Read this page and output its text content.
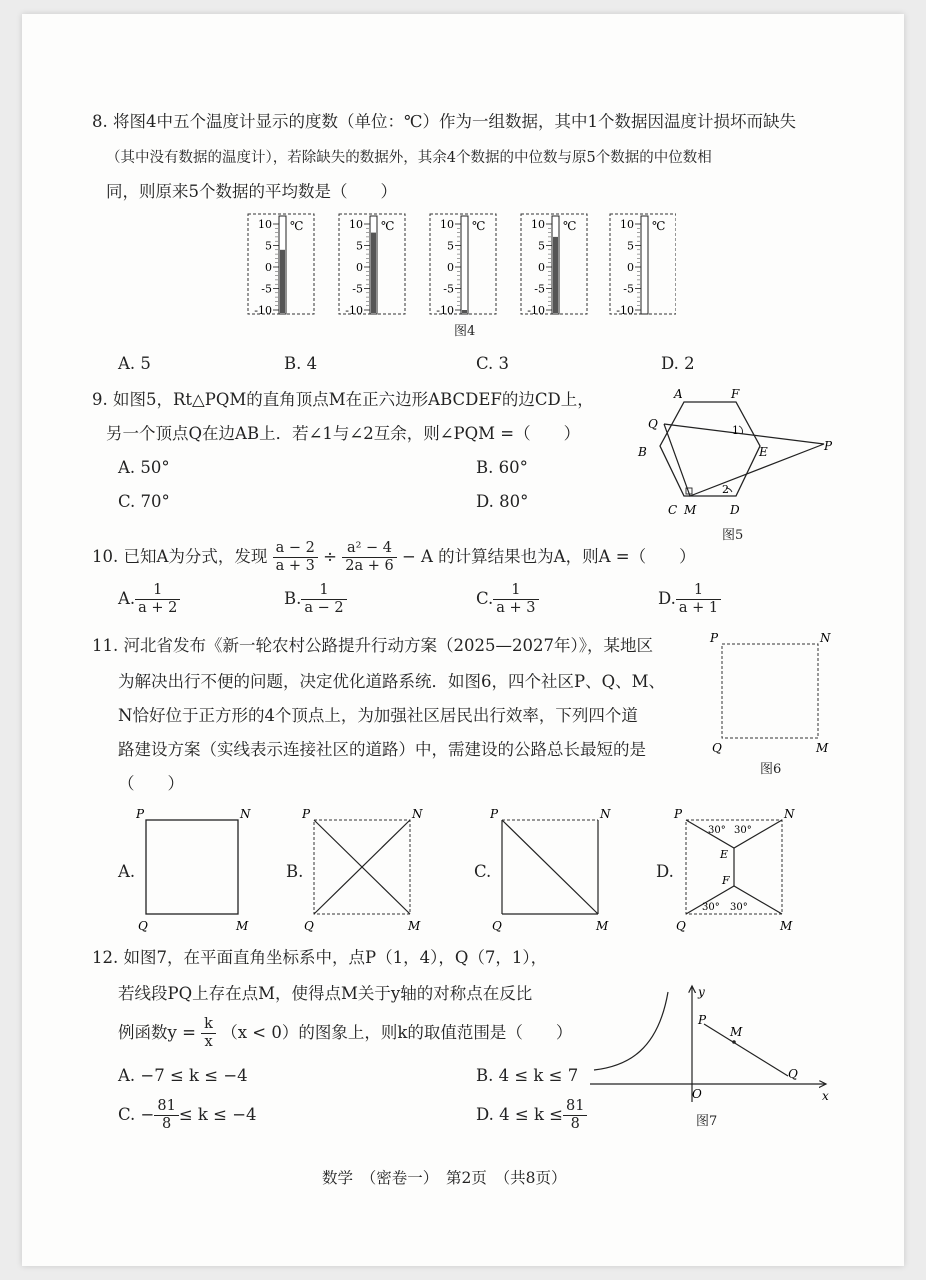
8. 将图4中五个温度计显示的度数（单位：℃）作为一组数据，其中1个数据因温度计损坏而缺失
（其中没有数据的温度计），若除缺失的数据外，其余4个数据的中位数与原5个数据的中位数相
同，则原来5个数据的平均数是（　　）
10
5
0
-5
-10
℃	10
5
0
-5
-10
℃	10
5
0
-5
-10
℃	10
5
0
-5
-10
℃	10
5
0
-5
-10
℃
图4
A. 5	B. 4	C. 3	D. 2
9. 如图5，Rt△PQM的直角顶点M在正六边形ABCDEF的边CD上，
另一个顶点Q在边AB上．若∠1与∠2互余，则∠PQM =（　　）
A. 50°	B. 60°
C. 70°	D. 80°
A	F
Q
P
B	E
C M	D
1
2
图5
10. 已知A为分式，发现 $\frac{a - 2}{a + 3} \div \frac{\text{a² − 4}}{2a + 6} - A$ 的计算结果也为A，则A =（　　）
A. $\frac{1}{a + 2}$	B. $\frac{1}{a - 2}$	C. $\frac{1}{a + 3}$	D. $\frac{1}{a + 1}$
11. 河北省发布《新一轮农村公路提升行动方案（2025—2027年）》，某地区
为解决出行不便的问题，决定优化道路系统．如图6，四个社区P、Q、M、
N恰好位于正方形的4个顶点上，为加强社区居民出行效率，下列四个道
路建设方案（实线表示连接社区的道路）中，需建设的公路总长最短的是
（　　）
P	N
Q	M
图6
A.
P	N
Q	M
B.
P	N
Q	M
C.
P	N
Q	M
D.
P	N
Q	M
E
F
30° 30°
30° 30°
12. 如图7，在平面直角坐标系中，点P（1，4），Q（7，1），
若线段PQ上存在点M，使得点M关于y轴的对称点在反比
例函数$y = \frac{k}{x} (x < 0)$的图象上，则k的取值范围是（　　）
A. −7 ≤ k ≤ −4	B. 4 ≤ k ≤ 7
C. − $\frac{81}{8} \le k \le -4$	D. $4 \le k \le \frac{81}{8}$
y
x
O
P
M
Q
图7
数学　（密卷一）　第2页　（共8页）
